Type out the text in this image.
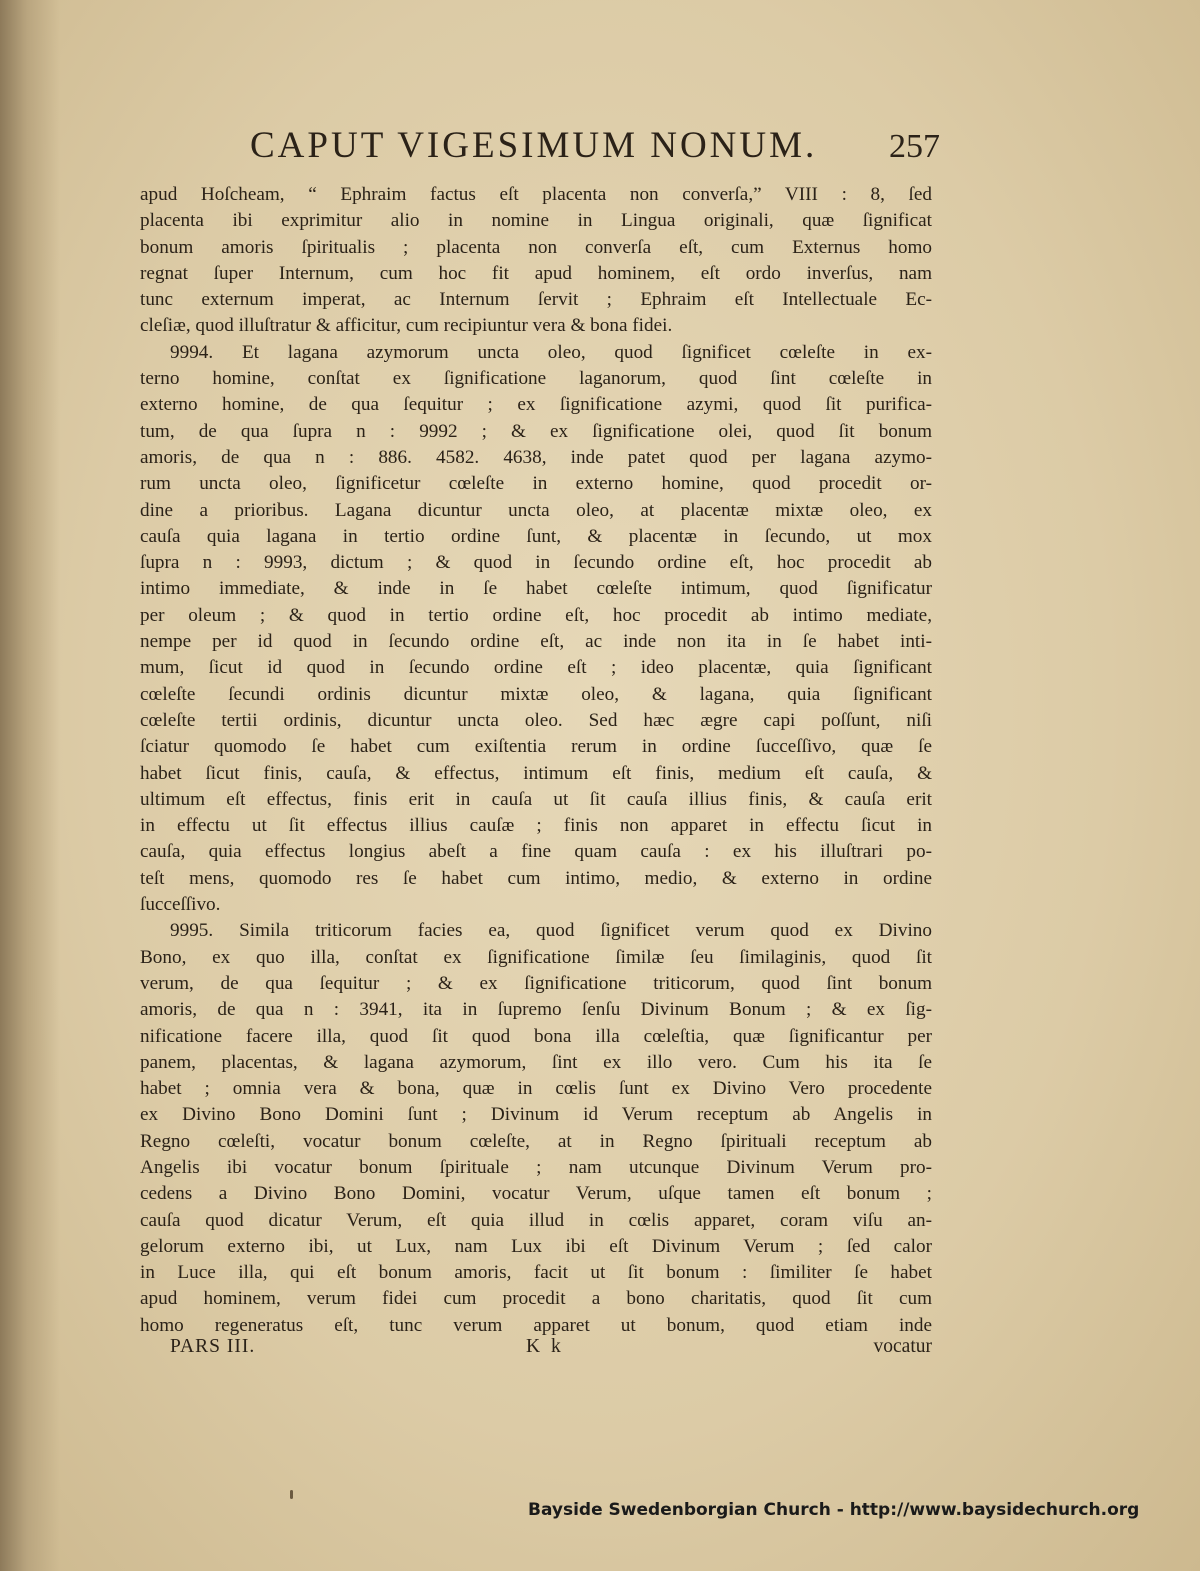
CAPUT VIGESIMUM NONUM. 257
apud Hoſcheam, “ Ephraim factus eſt placenta non converſa,” VIII : 8, ſed
placenta ibi exprimitur alio in nomine in Lingua originali, quæ ſignificat
bonum amoris ſpiritualis ; placenta non converſa eſt, cum Externus homo
regnat ſuper Internum, cum hoc fit apud hominem, eſt ordo inverſus, nam
tunc externum imperat, ac Internum ſervit ; Ephraim eſt Intellectuale Ec-
cleſiæ, quod illuſtratur & afficitur, cum recipiuntur vera & bona fidei.
9994. Et lagana azymorum uncta oleo, quod ſignificet cœleſte in ex-
terno homine, conſtat ex ſignificatione laganorum, quod ſint cœleſte in
externo homine, de qua ſequitur ; ex ſignificatione azymi, quod ſit purifica-
tum, de qua ſupra n : 9992 ; & ex ſignificatione olei, quod ſit bonum
amoris, de qua n : 886. 4582. 4638, inde patet quod per lagana azymo-
rum uncta oleo, ſignificetur cœleſte in externo homine, quod procedit or-
dine a prioribus. Lagana dicuntur uncta oleo, at placentæ mixtæ oleo, ex
cauſa quia lagana in tertio ordine ſunt, & placentæ in ſecundo, ut mox
ſupra n : 9993, dictum ; & quod in ſecundo ordine eſt, hoc procedit ab
intimo immediate, & inde in ſe habet cœleſte intimum, quod ſignificatur
per oleum ; & quod in tertio ordine eſt, hoc procedit ab intimo mediate,
nempe per id quod in ſecundo ordine eſt, ac inde non ita in ſe habet inti-
mum, ſicut id quod in ſecundo ordine eſt ; ideo placentæ, quia ſignificant
cœleſte ſecundi ordinis dicuntur mixtæ oleo, & lagana, quia ſignificant
cœleſte tertii ordinis, dicuntur uncta oleo. Sed hæc ægre capi poſſunt, niſi
ſciatur quomodo ſe habet cum exiſtentia rerum in ordine ſucceſſivo, quæ ſe
habet ſicut finis, cauſa, & effectus, intimum eſt finis, medium eſt cauſa, &
ultimum eſt effectus, finis erit in cauſa ut ſit cauſa illius finis, & cauſa erit
in effectu ut ſit effectus illius cauſæ ; finis non apparet in effectu ſicut in
cauſa, quia effectus longius abeſt a fine quam cauſa : ex his illuſtrari po-
teſt mens, quomodo res ſe habet cum intimo, medio, & externo in ordine
ſucceſſivo.
9995. Simila triticorum facies ea, quod ſignificet verum quod ex Divino
Bono, ex quo illa, conſtat ex ſignificatione ſimilæ ſeu ſimilaginis, quod ſit
verum, de qua ſequitur ; & ex ſignificatione triticorum, quod ſint bonum
amoris, de qua n : 3941, ita in ſupremo ſenſu Divinum Bonum ; & ex ſig-
nificatione facere illa, quod ſit quod bona illa cœleſtia, quæ ſignificantur per
panem, placentas, & lagana azymorum, ſint ex illo vero. Cum his ita ſe
habet ; omnia vera & bona, quæ in cœlis ſunt ex Divino Vero procedente
ex Divino Bono Domini ſunt ; Divinum id Verum receptum ab Angelis in
Regno cœleſti, vocatur bonum cœleſte, at in Regno ſpirituali receptum ab
Angelis ibi vocatur bonum ſpirituale ; nam utcunque Divinum Verum pro-
cedens a Divino Bono Domini, vocatur Verum, uſque tamen eſt bonum ;
cauſa quod dicatur Verum, eſt quia illud in cœlis apparet, coram viſu an-
gelorum externo ibi, ut Lux, nam Lux ibi eſt Divinum Verum ; ſed calor
in Luce illa, qui eſt bonum amoris, facit ut ſit bonum : ſimiliter ſe habet
apud hominem, verum fidei cum procedit a bono charitatis, quod ſit cum
homo regeneratus eſt, tunc verum apparet ut bonum, quod etiam inde
PARS III.	K k	vocatur
Bayside Swedenborgian Church - http://www.baysidechurch.org
